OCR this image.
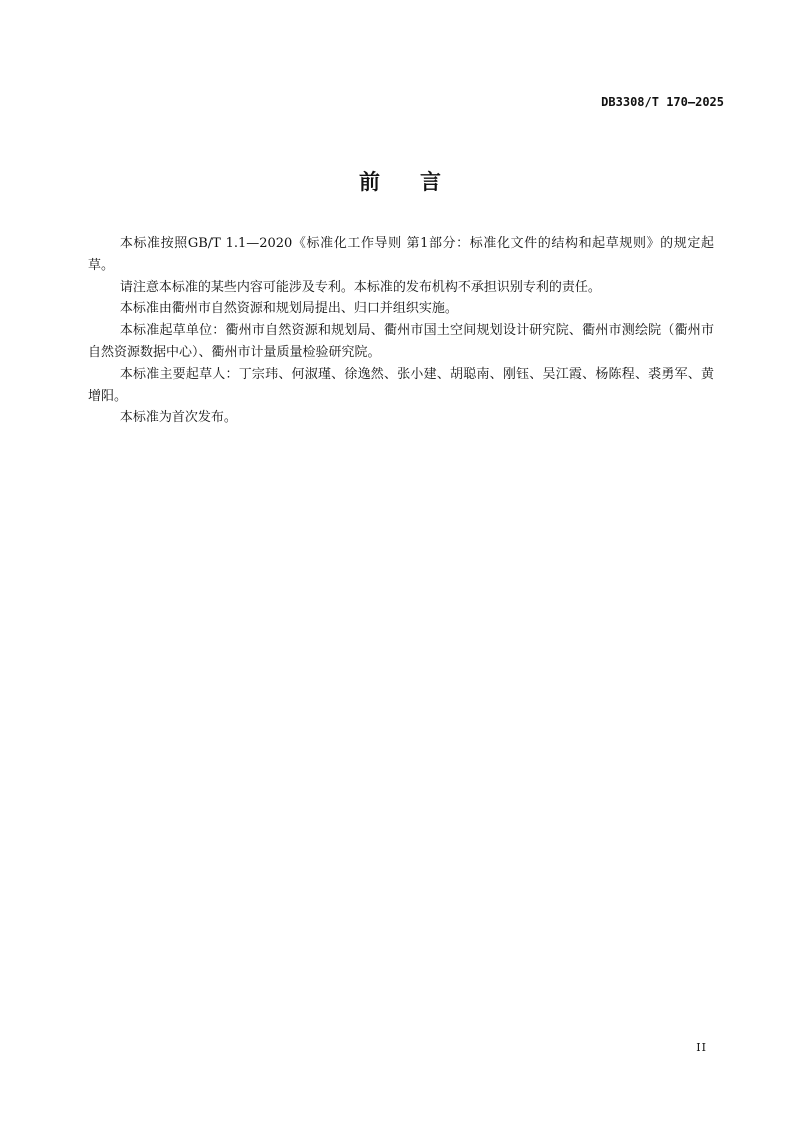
DB3308/T 170—2025
前言

本标准按照GB/T 1.1—2020《标准化工作导则 第1部分：标准化文件的结构和起草规则》的规定起草。

请注意本标准的某些内容可能涉及专利。本标准的发布机构不承担识别专利的责任。

本标准由衢州市自然资源和规划局提出、归口并组织实施。

本标准起草单位：衢州市自然资源和规划局、衢州市国土空间规划设计研究院、衢州市测绘院（衢州市自然资源数据中心）、衢州市计量质量检验研究院。

本标准主要起草人：丁宗玮、何淑瑾、徐逸然、张小建、胡聪南、刚钰、吴江霞、杨陈程、裘勇军、黄增阳。

本标准为首次发布。

II
